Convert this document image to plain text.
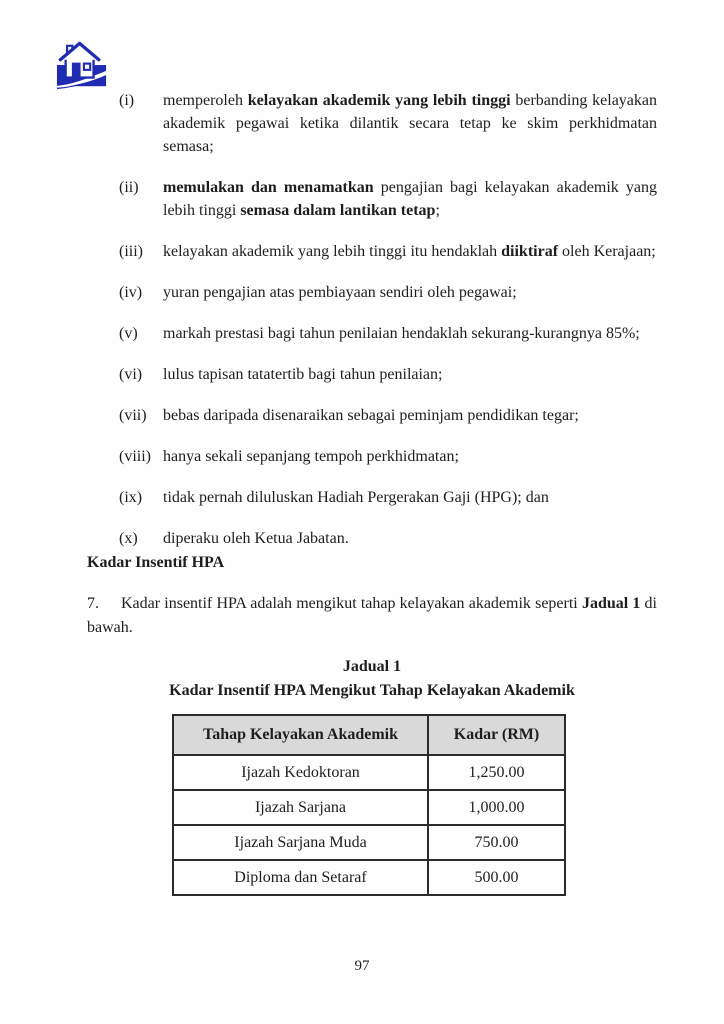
(i)	memperoleh kelayakan akademik yang lebih tinggi berbanding kelayakan akademik pegawai ketika dilantik secara tetap ke skim perkhidmatan semasa;
(ii)	memulakan dan menamatkan pengajian bagi kelayakan akademik yang lebih tinggi semasa dalam lantikan tetap;
(iii)	kelayakan akademik yang lebih tinggi itu hendaklah diiktiraf oleh Kerajaan;
(iv)	yuran pengajian atas pembiayaan sendiri oleh pegawai;
(v)	markah prestasi bagi tahun penilaian hendaklah sekurang-kurangnya 85%;
(vi)	lulus tapisan tatatertib bagi tahun penilaian;
(vii)	bebas daripada disenaraikan sebagai peminjam pendidikan tegar;
(viii) hanya sekali sepanjang tempoh perkhidmatan;
(ix)	tidak pernah diluluskan Hadiah Pergerakan Gaji (HPG); dan
(x)	diperaku oleh Ketua Jabatan.
Kadar Insentif HPA
7. Kadar insentif HPA adalah mengikut tahap kelayakan akademik seperti Jadual 1 di bawah.
Jadual 1
Kadar Insentif HPA Mengikut Tahap Kelayakan Akademik
Tahap Kelayakan Akademik	Kadar (RM)
Ijazah Kedoktoran	1,250.00
Ijazah Sarjana	1,000.00
Ijazah Sarjana Muda	750.00
Diploma dan Setaraf	500.00
97
